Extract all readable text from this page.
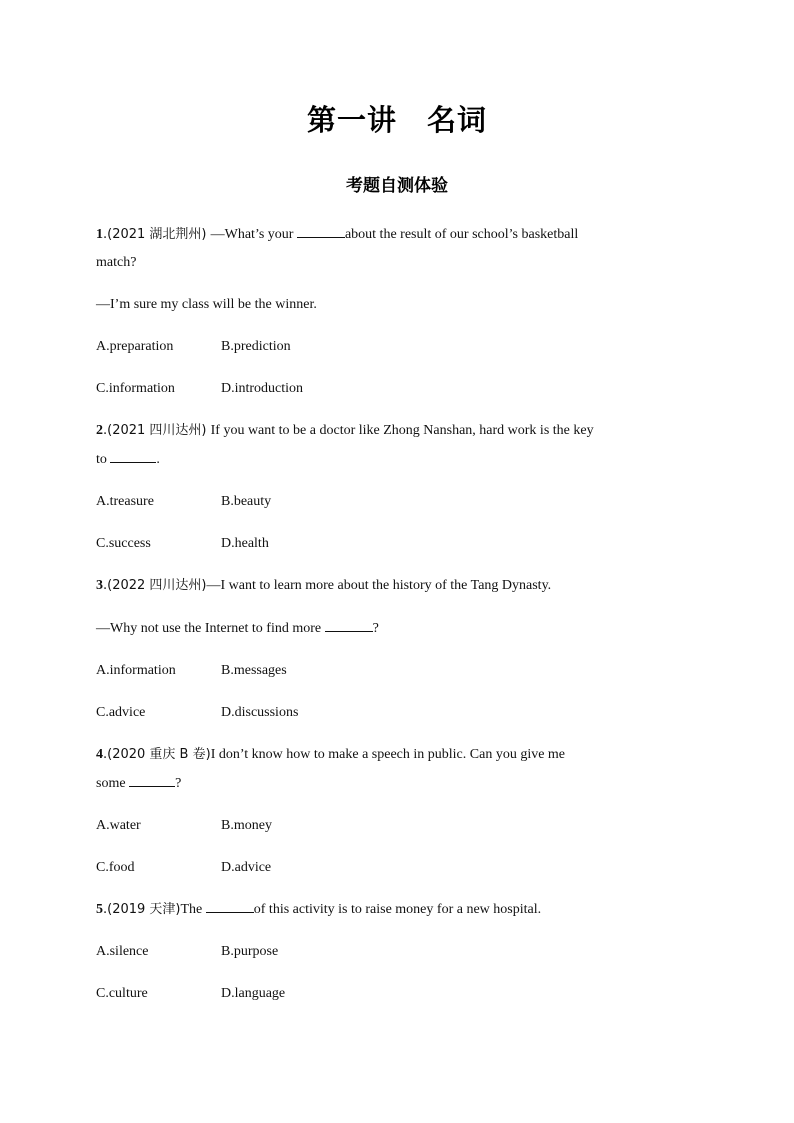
第一讲　名词
考题自测体验
1.(2021 湖北荆州) —What’s your	about the result of our school’s basketball
match?
—I’m sure my class will be the winner.
A.preparation	B.prediction
C.information	D.introduction
2.(2021 四川达州) If you want to be a doctor like Zhong Nanshan, hard work is the key
to	.
A.treasure	B.beauty
C.success	D.health
3.(2022 四川达州)—I want to learn more about the history of the Tang Dynasty.
—Why not use the Internet to find more	?
A.information	B.messages
C.advice	D.discussions
4.(2020 重庆 B 卷)I don’t know how to make a speech in public. Can you give me
some	?
A.water	B.money
C.food	D.advice
5.(2019 天津)The	of this activity is to raise money for a new hospital.
A.silence	B.purpose
C.culture	D.language
